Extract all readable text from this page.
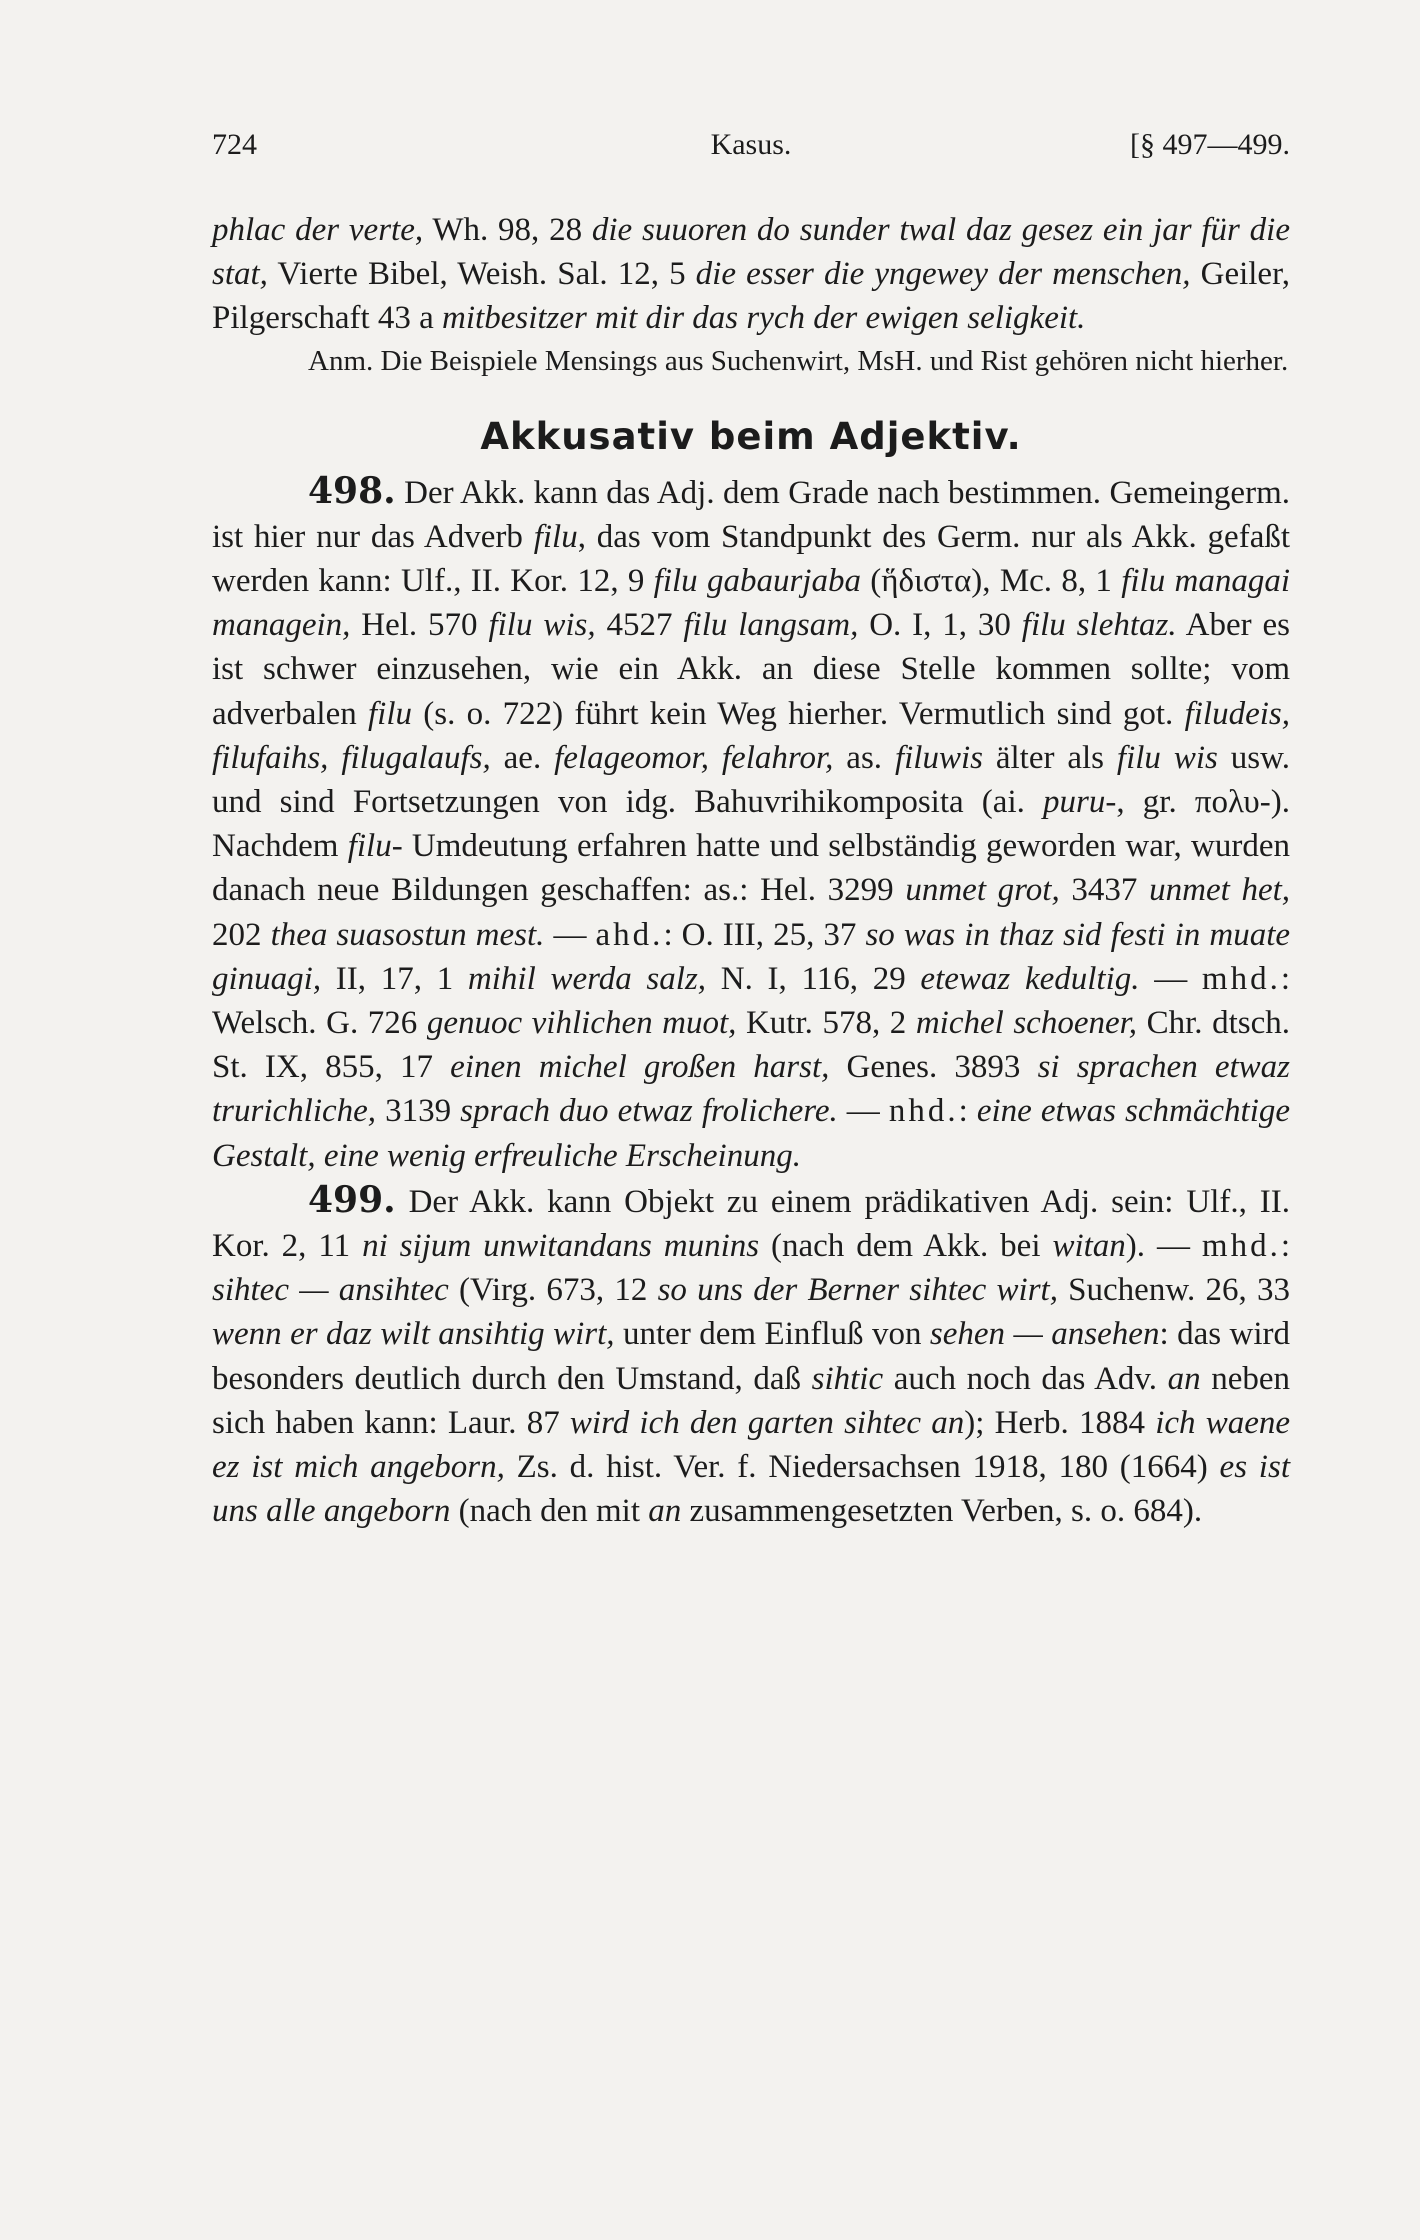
724	Kasus.	[§ 497—499.

phlac der verte, Wh. 98, 28 die suuoren do sunder twal daz gesez ein jar für die stat, Vierte Bibel, Weish. Sal. 12, 5 die esser die yngewey der menschen, Geiler, Pilgerschaft 43 a mitbesitzer mit dir das rych der ewigen seligkeit.

Anm. Die Beispiele Mensings aus Suchenwirt, MsH. und Rist gehören nicht hierher.

Akkusativ beim Adjektiv.

498. Der Akk. kann das Adj. dem Grade nach bestimmen. Gemeingerm. ist hier nur das Adverb filu, das vom Standpunkt des Germ. nur als Akk. gefaßt werden kann: Ulf., II. Kor. 12, 9 filu gabaurjaba (ἥδιστα), Mc. 8, 1 filu managai managein, Hel. 570 filu wis, 4527 filu langsam, O. I, 1, 30 filu slehtaz. Aber es ist schwer einzusehen, wie ein Akk. an diese Stelle kommen sollte; vom adverbalen filu (s. o. 722) führt kein Weg hierher. Vermutlich sind got. filudeis, filufaihs, filugalaufs, ae. felageomor, felahror, as. filuwis älter als filu wis usw. und sind Fortsetzungen von idg. Bahuvrihikomposita (ai. puru-, gr. πολυ-). Nachdem filu- Umdeutung erfahren hatte und selbständig geworden war, wurden danach neue Bildungen geschaffen: as.: Hel. 3299 unmet grot, 3437 unmet het, 202 thea suasostun mest. — ahd.: O. III, 25, 37 so was in thaz sid festi in muate ginuagi, II, 17, 1 mihil werda salz, N. I, 116, 29 etewaz kedultig. — mhd.: Welsch. G. 726 genuoc vihlichen muot, Kutr. 578, 2 michel schoener, Chr. dtsch. St. IX, 855, 17 einen michel großen harst, Genes. 3893 si sprachen etwaz trurichliche, 3139 sprach duo etwaz frolichere. — nhd.: eine etwas schmächtige Gestalt, eine wenig erfreuliche Erscheinung.

499. Der Akk. kann Objekt zu einem prädikativen Adj. sein: Ulf., II. Kor. 2, 11 ni sijum unwitandans munins (nach dem Akk. bei witan). — mhd.: sihtec — ansihtec (Virg. 673, 12 so uns der Berner sihtec wirt, Suchenw. 26, 33 wenn er daz wilt ansihtig wirt, unter dem Einfluß von sehen — ansehen: das wird besonders deutlich durch den Umstand, daß sihtic auch noch das Adv. an neben sich haben kann: Laur. 87 wird ich den garten sihtec an); Herb. 1884 ich waene ez ist mich angeborn, Zs. d. hist. Ver. f. Niedersachsen 1918, 180 (1664) es ist uns alle angeborn (nach den mit an zusammengesetzten Verben, s. o. 684).
